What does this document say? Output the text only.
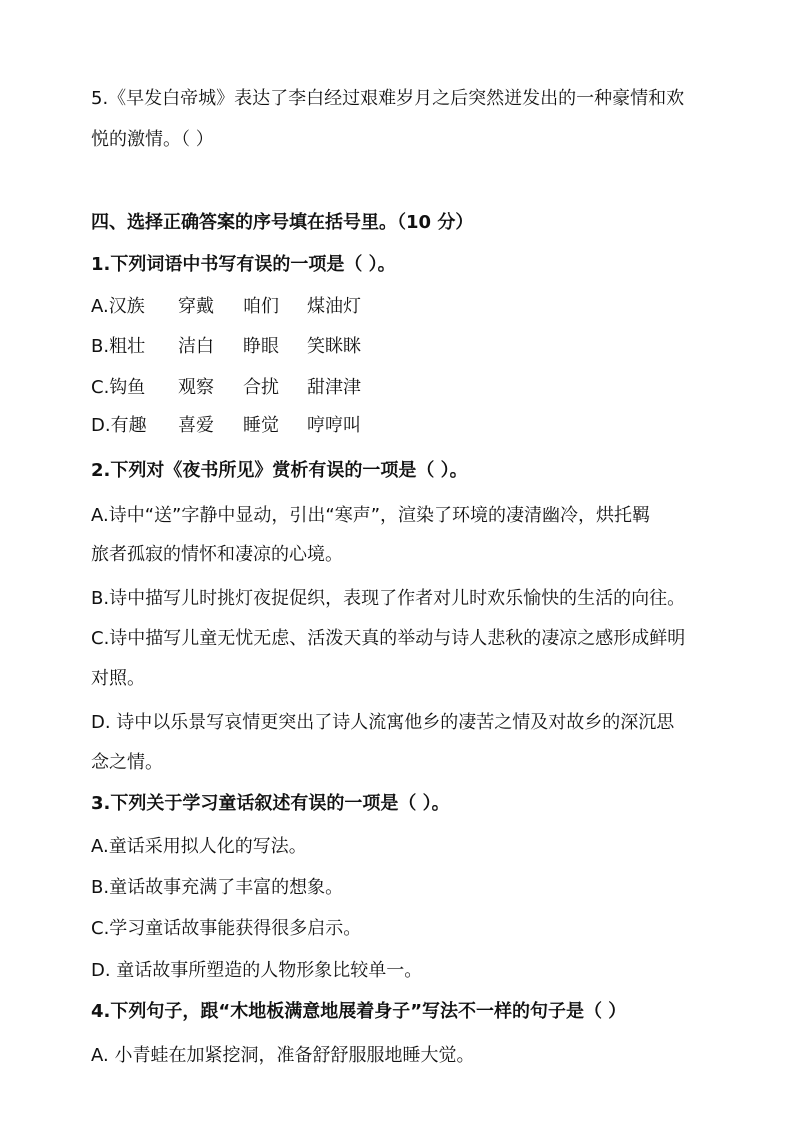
5.《早发白帝城》表达了李白经过艰难岁月之后突然迸发出的一种豪情和欢
悦的激情。（ ）
四、选择正确答案的序号填在括号里。（10 分）
1.下列词语中书写有误的一项是（ ）。
A.汉族 穿戴 咱们 煤油灯
B.粗壮 洁白 睁眼 笑眯眯
C.钩鱼 观察 合扰 甜津津
D.有趣 喜爱 睡觉 哼哼叫
2.下列对《夜书所见》赏析有误的一项是（ ）。
A.诗中“送”字静中显动，引出“寒声”，渲染了环境的凄清幽冷，烘托羁
旅者孤寂的情怀和凄凉的心境。
B.诗中描写儿时挑灯夜捉促织，表现了作者对儿时欢乐愉快的生活的向往。
C.诗中描写儿童无忧无虑、活泼天真的举动与诗人悲秋的凄凉之感形成鲜明
对照。
D. 诗中以乐景写哀情更突出了诗人流寓他乡的凄苦之情及对故乡的深沉思
念之情。
3.下列关于学习童话叙述有误的一项是（ ）。
A.童话采用拟人化的写法。
B.童话故事充满了丰富的想象。
C.学习童话故事能获得很多启示。
D. 童话故事所塑造的人物形象比较单一。
4.下列句子，跟“木地板满意地展着身子”写法不一样的句子是（ ）
A. 小青蛙在加紧挖洞，准备舒舒服服地睡大觉。
